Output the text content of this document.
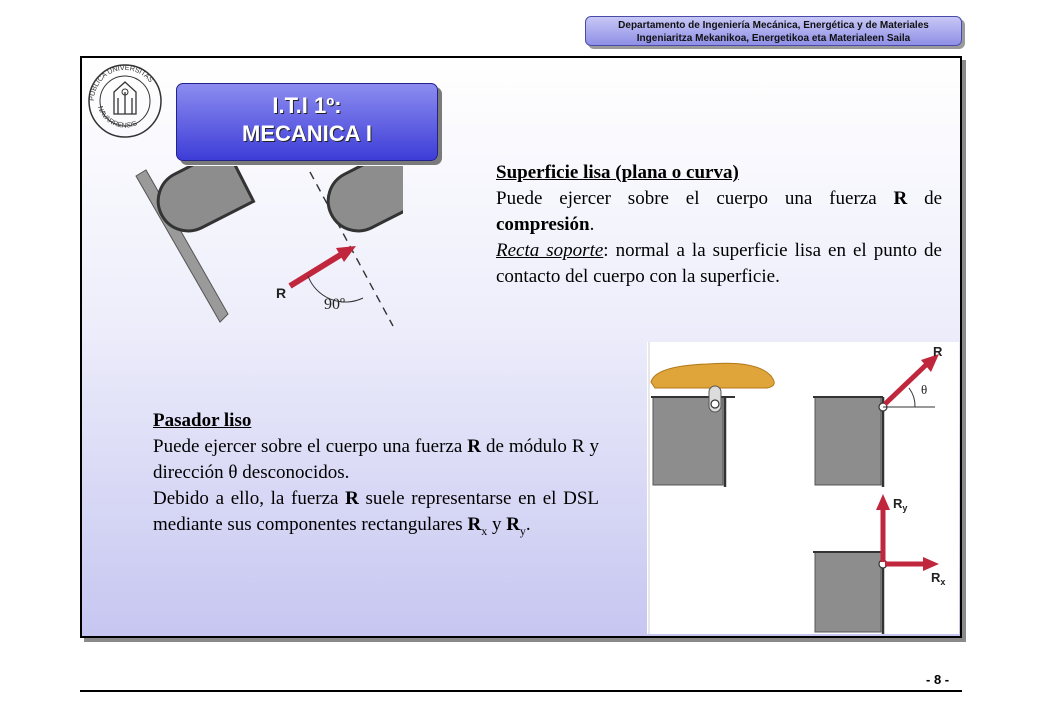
Departamento de Ingeniería Mecánica, Energética y de Materiales
Ingeniaritza Mekanikoa, Energetikoa eta Materialeen Saila
PUBLICA UNIVERSITAS
NAVARRENSIS
I.T.I 1º:
MECANICA I
R
90º

Superficie lisa (plana o curva)

Puede ejercer sobre el cuerpo una fuerza R de compresión.

Recta soporte: normal a la superficie lisa en el punto de contacto del cuerpo con la superficie.

Pasador liso

Puede ejercer sobre el cuerpo una fuerza R de módulo R y dirección θ desconocidos.

Debido a ello, la fuerza R suele representarse en el DSL mediante sus componentes rectangulares $R_x$ y $R_y$.

R
θ
$R_y$
$R_x$
- 8 -
